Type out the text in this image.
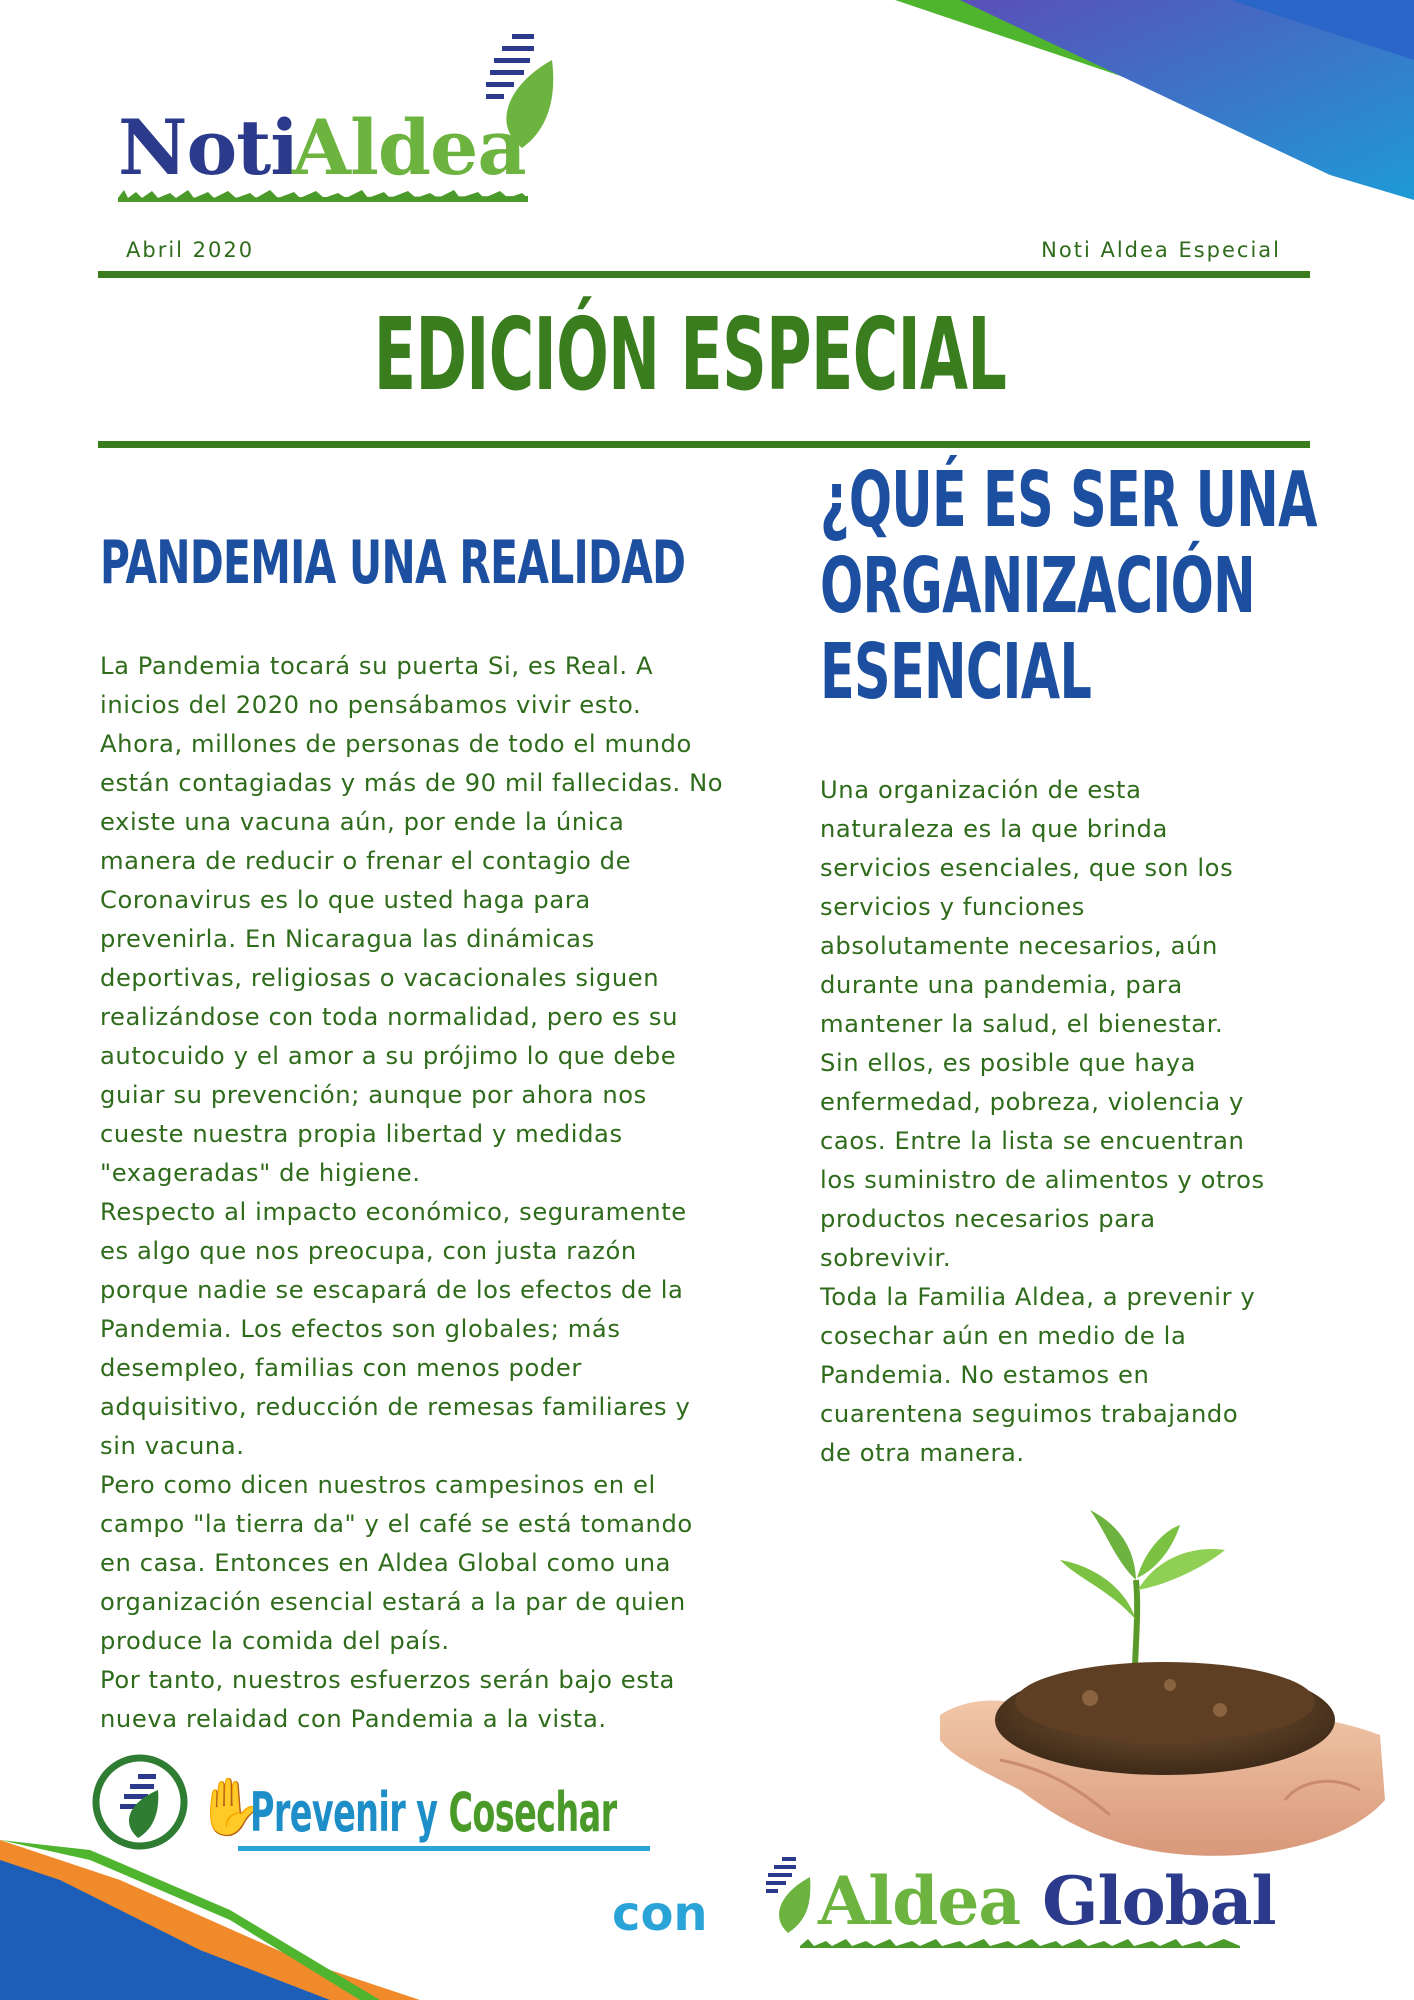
Noti
Aldea
Abril 2020	Noti Aldea Especial
EDICIÓN ESPECIAL
PANDEMIA UNA REALIDAD

La Pandemia tocará su puerta Si, es Real. A
inicios del 2020 no pensábamos vivir esto.
Ahora, millones de personas de todo el mundo
están contagiadas y más de 90 mil fallecidas. No
existe una vacuna aún, por ende la única
manera de reducir o frenar el contagio de
Coronavirus es lo que usted haga para
prevenirla. En Nicaragua las dinámicas
deportivas, religiosas o vacacionales siguen
realizándose con toda normalidad, pero es su
autocuido y el amor a su prójimo lo que debe
guiar su prevención; aunque por ahora nos
cueste nuestra propia libertad y medidas
"exageradas" de higiene.

Respecto al impacto económico, seguramente
es algo que nos preocupa, con justa razón
porque nadie se escapará de los efectos de la
Pandemia. Los efectos son globales; más
desempleo, familias con menos poder
adquisitivo, reducción de remesas familiares y
sin vacuna.

Pero como dicen nuestros campesinos en el
campo "la tierra da" y el café se está tomando
en casa. Entonces en Aldea Global como una
organización esencial estará a la par de quien
produce la comida del país.

Por tanto, nuestros esfuerzos serán bajo esta
nueva relaidad con Pandemia a la vista.

¿QUÉ ES SER UNA
ORGANIZACIÓN
ESENCIAL

Una organización de esta
naturaleza es la que brinda
servicios esenciales, que son los
servicios y funciones
absolutamente necesarios, aún
durante una pandemia, para
mantener la salud, el bienestar.
Sin ellos, es posible que haya
enfermedad, pobreza, violencia y
caos. Entre la lista se encuentran
los suministro de alimentos y otros
productos necesarios para
sobrevivir.

Toda la Familia Aldea, a prevenir y
cosechar aún en medio de la
Pandemia. No estamos en
cuarentena seguimos trabajando
de otra manera.

✋
Prevenir y Cosechar
con Aldea Global
